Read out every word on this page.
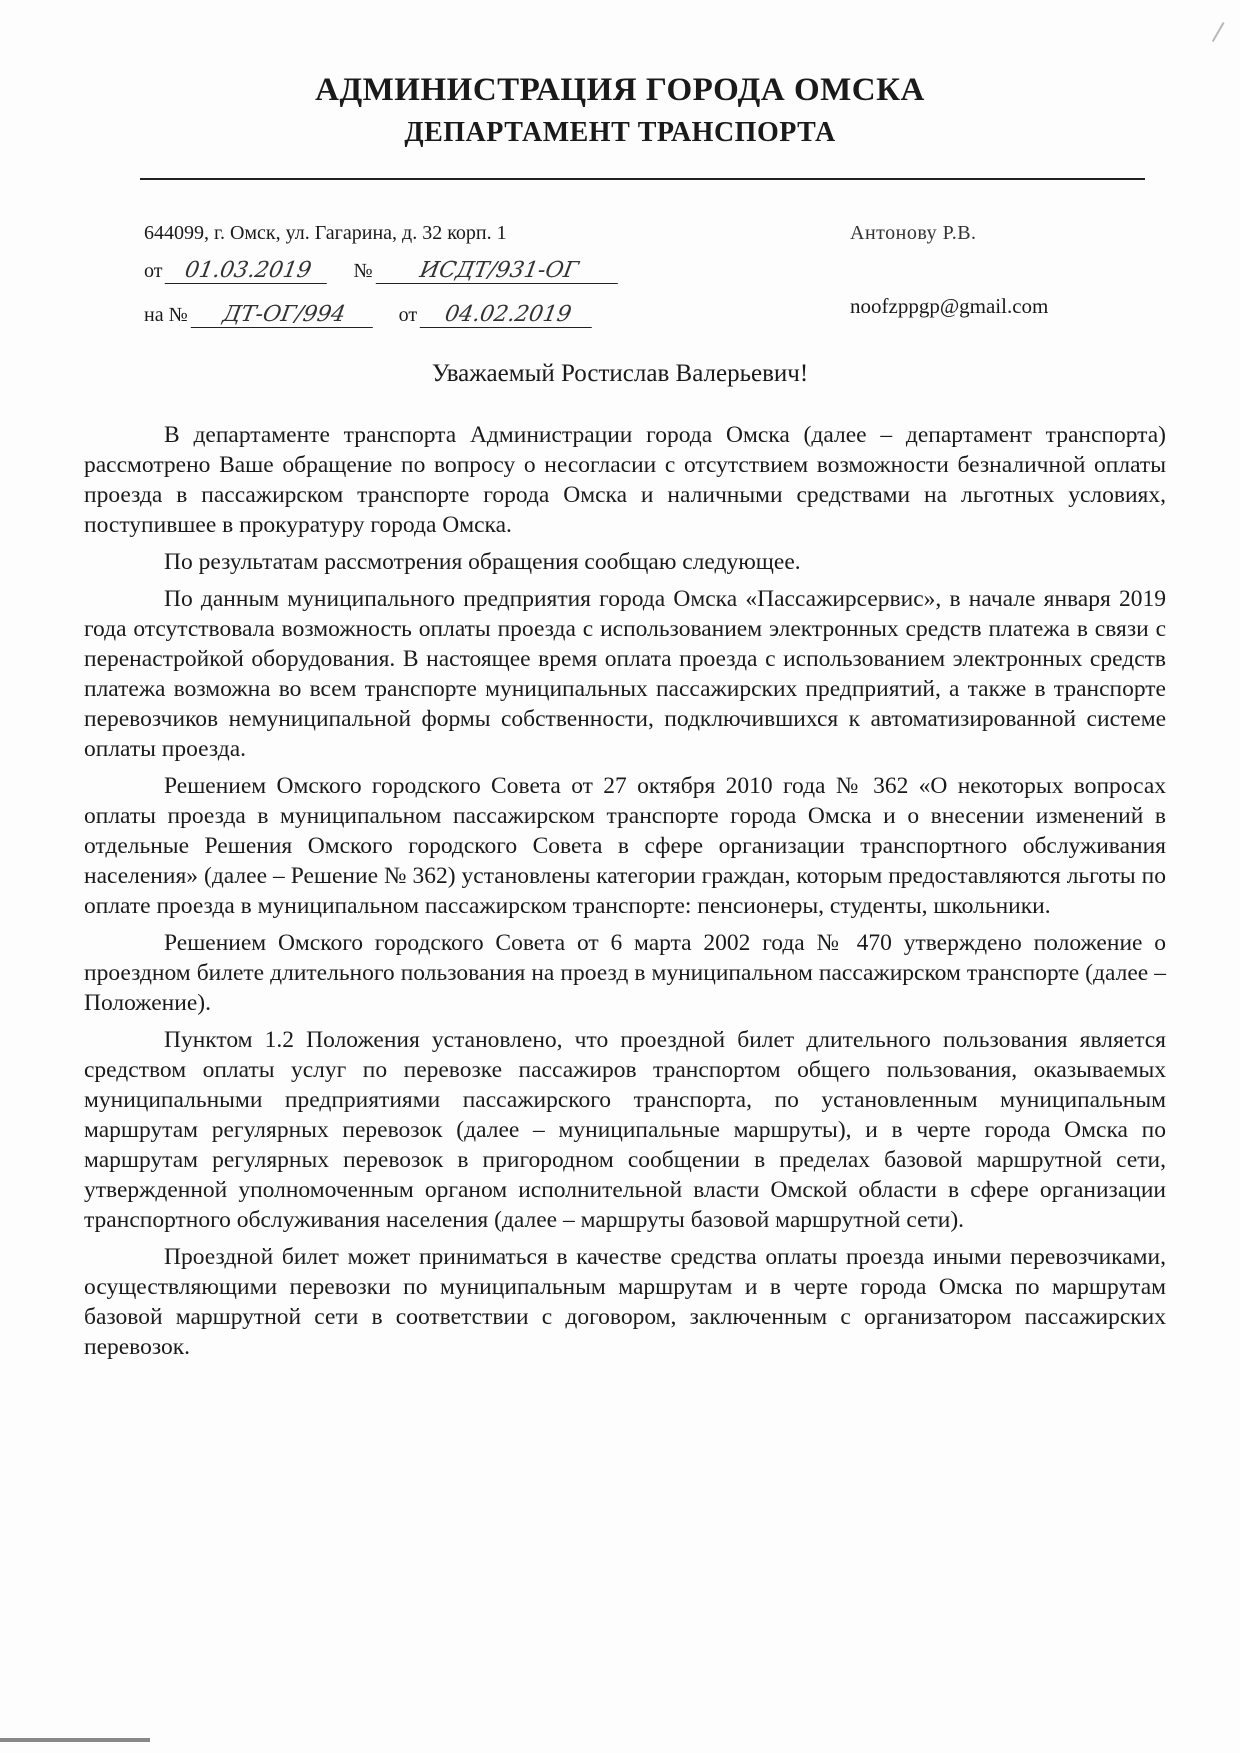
АДМИНИСТРАЦИЯ ГОРОДА ОМСКА
ДЕПАРТАМЕНТ ТРАНСПОРТА
644099, г. Омск, ул. Гагарина, д. 32 корп. 1
от 01.03.2019 № ИСДТ/931-ОГ
на № ДТ-ОГ/994	от 04.02.2019
Антонову Р.В.
noofzppgp@gmail.com

Уважаемый Ростислав Валерьевич!

В департаменте транспорта Администрации города Омска (далее – департамент транспорта) рассмотрено Ваше обращение по вопросу о несогласии с отсутствием возможности безналичной оплаты проезда в пассажирском транспорте города Омска и наличными средствами на льготных условиях, поступившее в прокуратуру города Омска.

По результатам рассмотрения обращения сообщаю следующее.

По данным муниципального предприятия города Омска «Пассажирсервис», в начале января 2019 года отсутствовала возможность оплаты проезда с использованием электронных средств платежа в связи с перенастройкой оборудования. В настоящее время оплата проезда с использованием электронных средств платежа возможна во всем транспорте муниципальных пассажирских предприятий, а также в транспорте перевозчиков немуниципальной формы собственности, подключившихся к автоматизированной системе оплаты проезда.

Решением Омского городского Совета от 27 октября 2010 года № 362 «О некоторых вопросах оплаты проезда в муниципальном пассажирском транспорте города Омска и о внесении изменений в отдельные Решения Омского городского Совета в сфере организации транспортного обслуживания населения» (далее – Решение № 362) установлены категории граждан, которым предоставляются льготы по оплате проезда в муниципальном пассажирском транспорте: пенсионеры, студенты, школьники.

Решением Омского городского Совета от 6 марта 2002 года № 470 утверждено положение о проездном билете длительного пользования на проезд в муниципальном пассажирском транспорте (далее – Положение).

Пунктом 1.2 Положения установлено, что проездной билет длительного пользования является средством оплаты услуг по перевозке пассажиров транспортом общего пользования, оказываемых муниципальными предприятиями пассажирского транспорта, по установленным муниципальным маршрутам регулярных перевозок (далее – муниципальные маршруты), и в черте города Омска по маршрутам регулярных перевозок в пригородном сообщении в пределах базовой маршрутной сети, утвержденной уполномоченным органом исполнительной власти Омской области в сфере организации транспортного обслуживания населения (далее – маршруты базовой маршрутной сети).

Проездной билет может приниматься в качестве средства оплаты проезда иными перевозчиками, осуществляющими перевозки по муниципальным маршрутам и в черте города Омска по маршрутам базовой маршрутной сети в соответствии с договором, заключенным с организатором пассажирских перевозок.
